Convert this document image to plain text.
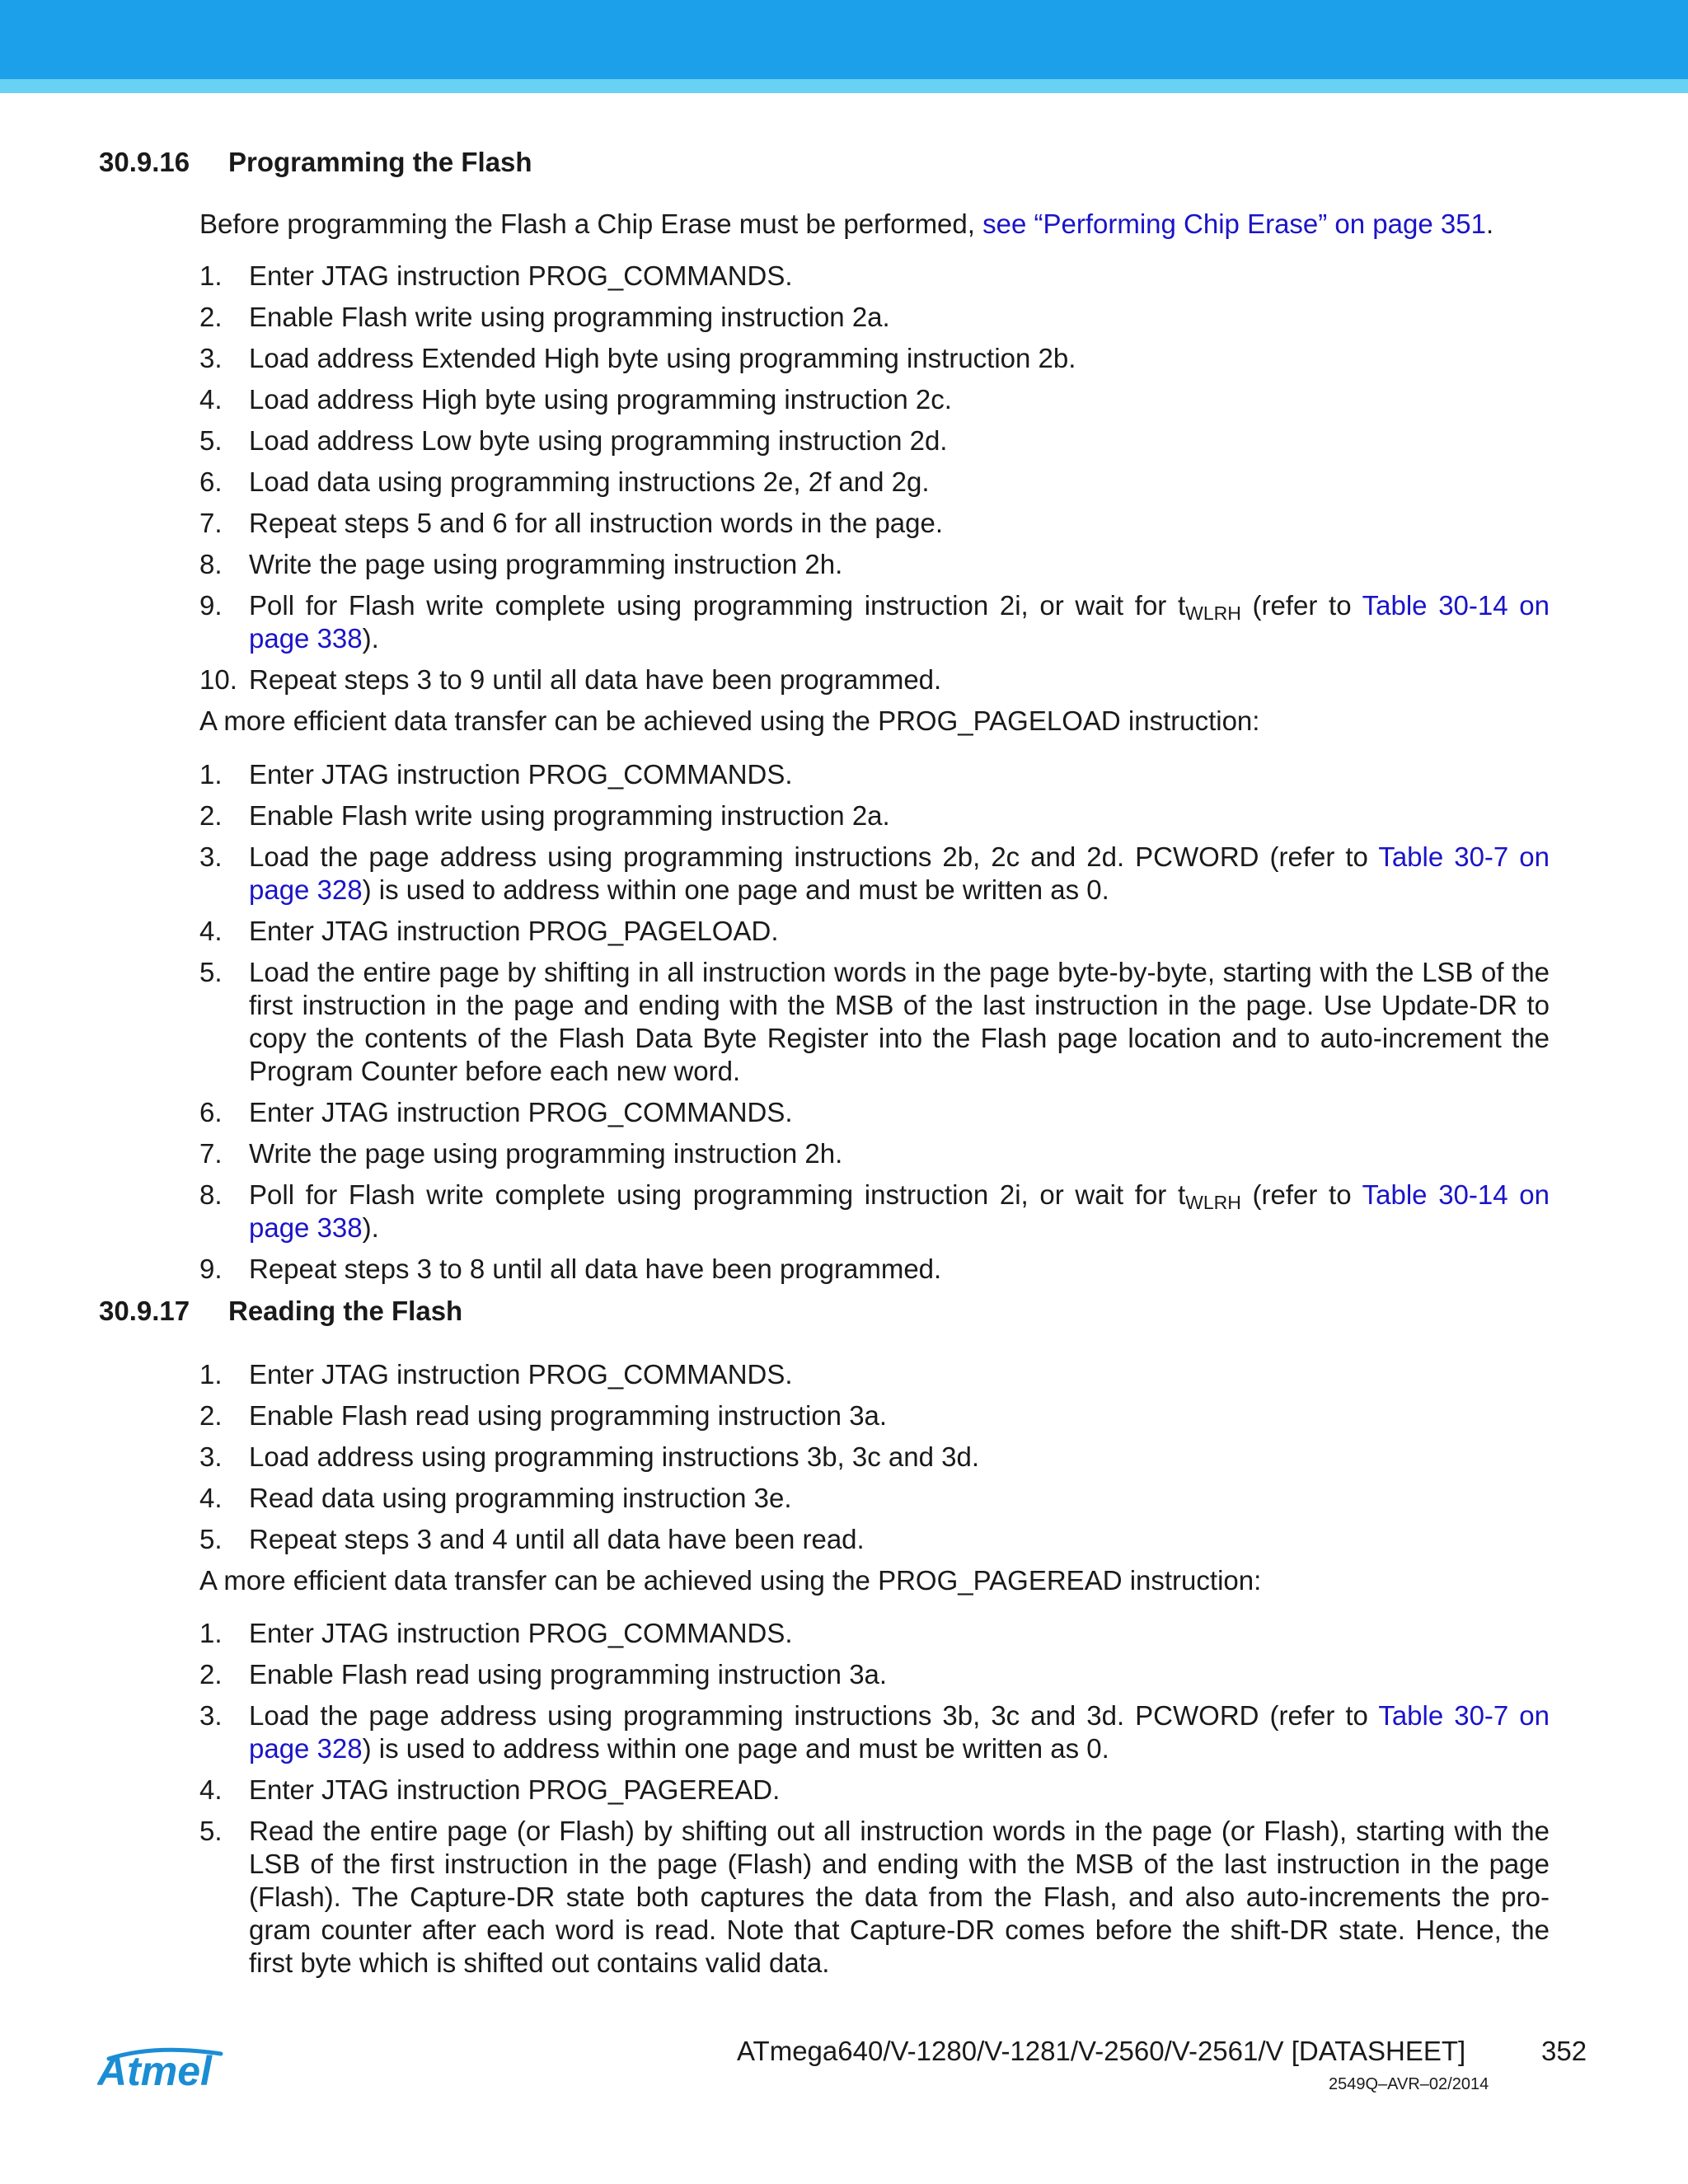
30.9.16 Programming the Flash
Before programming the Flash a Chip Erase must be performed, see “Performing Chip Erase” on page 351.
1. Enter JTAG instruction PROG_COMMANDS.
2. Enable Flash write using programming instruction 2a.
3. Load address Extended High byte using programming instruction 2b.
4. Load address High byte using programming instruction 2c.
5. Load address Low byte using programming instruction 2d.
6. Load data using programming instructions 2e, 2f and 2g.
7. Repeat steps 5 and 6 for all instruction words in the page.
8. Write the page using programming instruction 2h.
9. Poll for Flash write complete using programming instruction 2i, or wait for $t_{WLRH}$ (refer to Table 30-14 on page 338).
10. Repeat steps 3 to 9 until all data have been programmed.
A more efficient data transfer can be achieved using the PROG_PAGELOAD instruction:
1. Enter JTAG instruction PROG_COMMANDS.
2. Enable Flash write using programming instruction 2a.
3. Load the page address using programming instructions 2b, 2c and 2d. PCWORD (refer to Table 30-7 on page 328) is used to address within one page and must be written as 0.
4. Enter JTAG instruction PROG_PAGELOAD.
5. Load the entire page by shifting in all instruction words in the page byte-by-byte, starting with the LSB of the first instruction in the page and ending with the MSB of the last instruction in the page. Use Update-DR to copy the contents of the Flash Data Byte Register into the Flash page location and to auto-increment the Program Counter before each new word.
6. Enter JTAG instruction PROG_COMMANDS.
7. Write the page using programming instruction 2h.
8. Poll for Flash write complete using programming instruction 2i, or wait for $t_{WLRH}$ (refer to Table 30-14 on page 338).
9. Repeat steps 3 to 8 until all data have been programmed.
30.9.17 Reading the Flash
1. Enter JTAG instruction PROG_COMMANDS.
2. Enable Flash read using programming instruction 3a.
3. Load address using programming instructions 3b, 3c and 3d.
4. Read data using programming instruction 3e.
5. Repeat steps 3 and 4 until all data have been read.
A more efficient data transfer can be achieved using the PROG_PAGEREAD instruction:
1. Enter JTAG instruction PROG_COMMANDS.
2. Enable Flash read using programming instruction 3a.
3. Load the page address using programming instructions 3b, 3c and 3d. PCWORD (refer to Table 30-7 on page 328) is used to address within one page and must be written as 0.
4. Enter JTAG instruction PROG_PAGEREAD.
5. Read the entire page (or Flash) by shifting out all instruction words in the page (or Flash), starting with the LSB of the first instruction in the page (Flash) and ending with the MSB of the last instruction in the page (Flash). The Capture-DR state both captures the data from the Flash, and also auto-increments the pro-gram counter after each word is read. Note that Capture-DR comes before the shift-DR state. Hence, the first byte which is shifted out contains valid data.
Atmel	ATmega640/V-1280/V-1281/V-2560/V-2561/V [DATASHEET]	352
2549Q–AVR–02/2014
